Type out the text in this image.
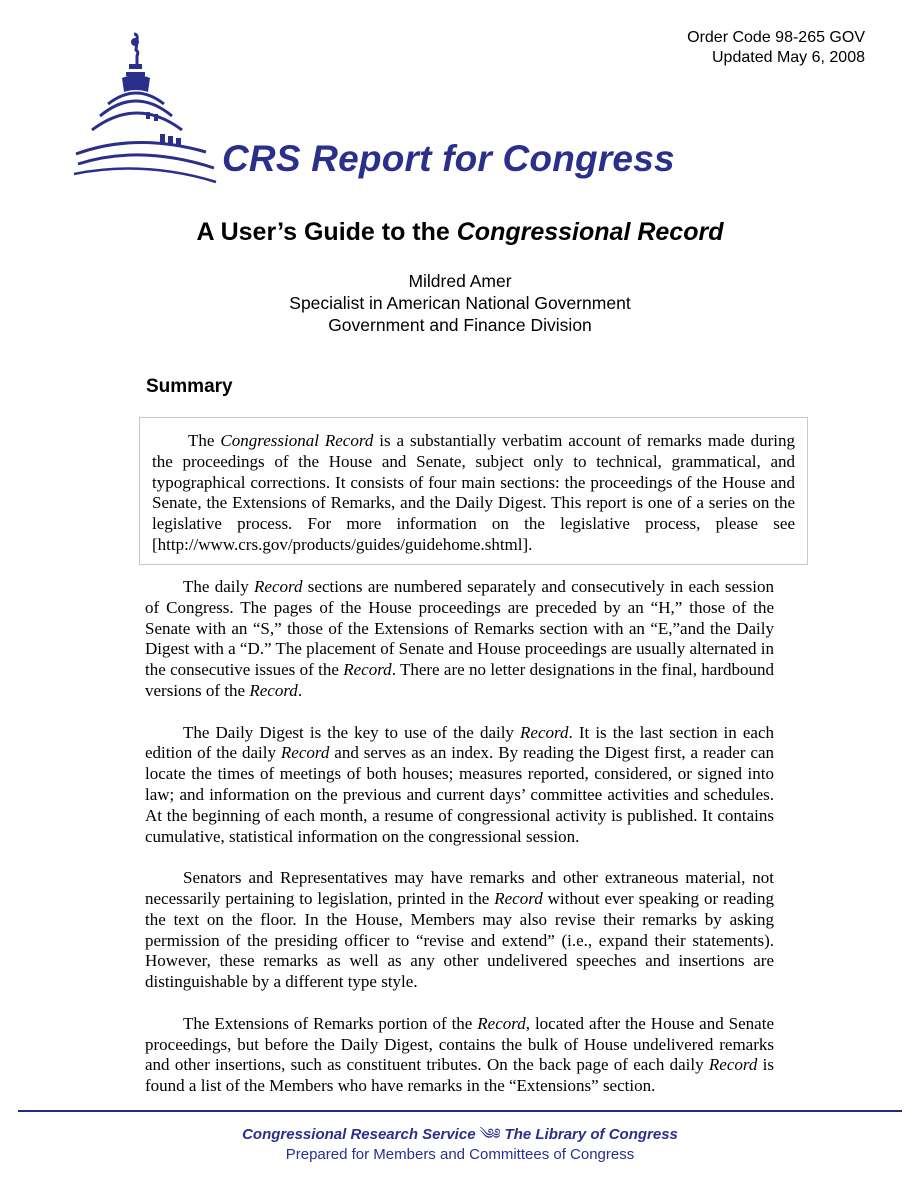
Order Code 98-265 GOV
Updated May 6, 2008
CRS Report for Congress
A User’s Guide to the Congressional Record
Mildred Amer
Specialist in American National Government
Government and Finance Division
Summary

The Congressional Record is a substantially verbatim account of remarks made during the proceedings of the House and Senate, subject only to technical, grammatical, and typographical corrections. It consists of four main sections: the proceedings of the House and Senate, the Extensions of Remarks, and the Daily Digest. This report is one of a series on the legislative process. For more information on the legislative process, please see [http://www.crs.gov/products/guides/guidehome.shtml].

The daily Record sections are numbered separately and consecutively in each session of Congress. The pages of the House proceedings are preceded by an “H,” those of the Senate with an “S,” those of the Extensions of Remarks section with an “E,”and the Daily Digest with a “D.” The placement of Senate and House proceedings are usually alternated in the consecutive issues of the Record. There are no letter designations in the final, hardbound versions of the Record.

The Daily Digest is the key to use of the daily Record. It is the last section in each edition of the daily Record and serves as an index. By reading the Digest first, a reader can locate the times of meetings of both houses; measures reported, considered, or signed into law; and information on the previous and current days’ committee activities and schedules. At the beginning of each month, a resume of congressional activity is published. It contains cumulative, statistical information on the congressional session.

Senators and Representatives may have remarks and other extraneous material, not necessarily pertaining to legislation, printed in the Record without ever speaking or reading the text on the floor. In the House, Members may also revise their remarks by asking permission of the presiding officer to “revise and extend” (i.e., expand their statements). However, these remarks as well as any other undelivered speeches and insertions are distinguishable by a different type style.

The Extensions of Remarks portion of the Record, located after the House and Senate proceedings, but before the Daily Digest, contains the bulk of House undelivered remarks and other insertions, such as constituent tributes. On the back page of each daily Record is found a list of the Members who have remarks in the “Extensions” section.

Congressional Research Service ༄༅ The Library of Congress
Prepared for Members and Committees of Congress
